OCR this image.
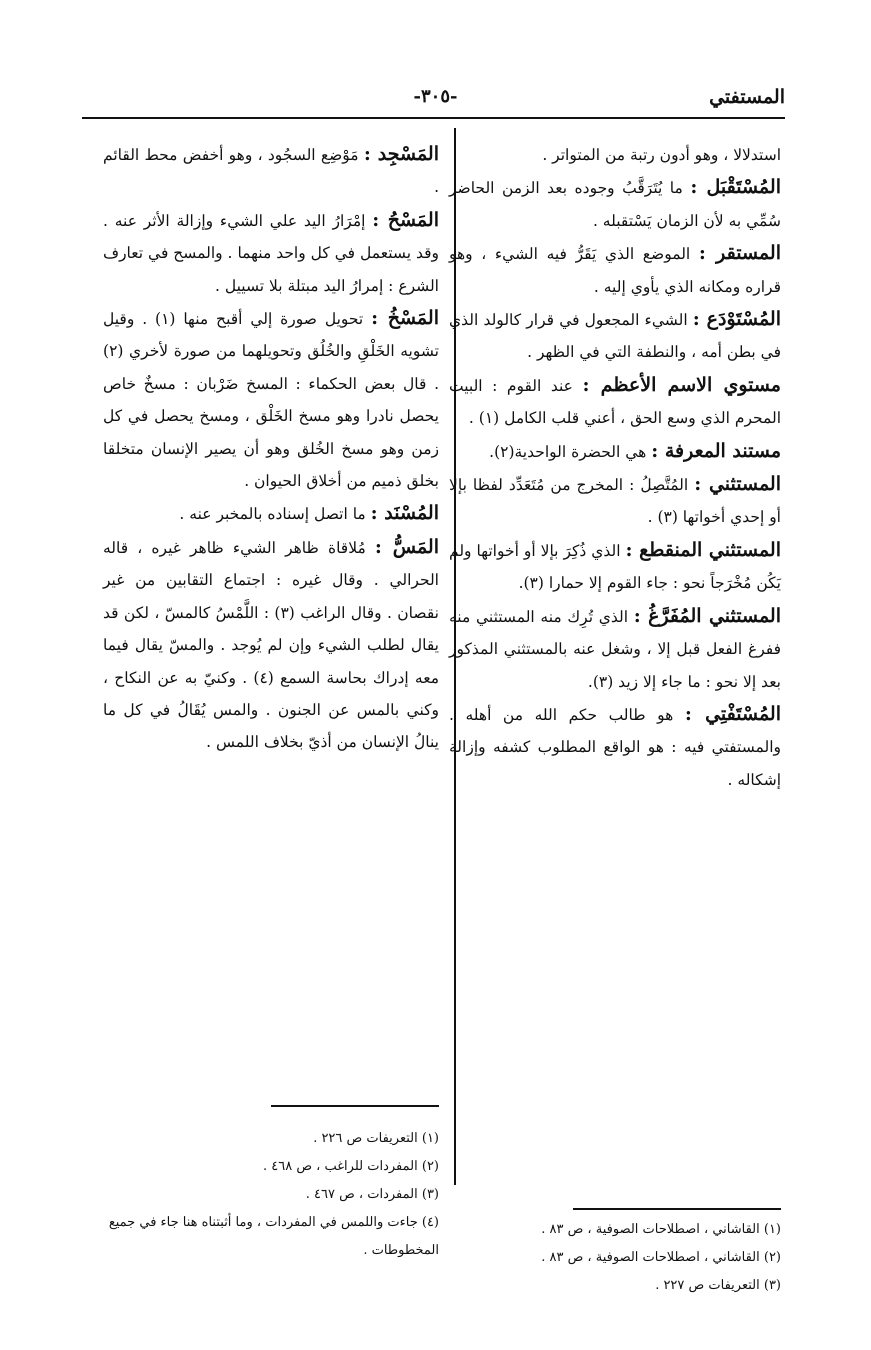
المستفتي
-٣٠٥-

استدلالا ، وهو أدون رتبة من المتواتر .

المُسْتَقْبَل : ما يُتَرَقَّبُ وجوده بعد الزمن الحاضر سُمِّي به لأن الزمان يَسْتقبله .

المستقر : الموضع الذي يَقَرُّ فيه الشيء ، وهو قراره ومكانه الذي يأوي إليه .

المُسْتَوْدَع : الشيء المجعول في قرار كالولد الذي في بطن أمه ، والنطفة التي في الظهر .

مستوي الاسم الأعظم : عند القوم : البيت المحرم الذي وسع الحق ، أعني قلب الكامل (١) .

مستند المعرفة : هي الحضرة الواحدية(٢).

المستثني : المُتَّصِلُ : المخرج من مُتَعَدِّد لفظا بإلا أو إحدي أخواتها (٣) .

المستثني المنقطع : الذي ذُكِرَ بإلا أو أخواتها ولم يَكُن مُخْرَجاً نحو : جاء القوم إلا حمارا (٣).

المستثني المُفَرَّغُ : الذي تُرِك منه المستثني منه ففرغ الفعل قبل إلا ، وشغل عنه بالمستثني المذكور بعد إلا نحو : ما جاء إلا زيد (٣).

المُسْتَفْتِي : هو طالب حكم الله من أهله . والمستفتي فيه : هو الواقع المطلوب كشفه وإزالة إشكاله .

المَسْجِد : مَوْضِع السجُود ، وهو أخفض محط القائم .

المَسْحُ : إمْرَارُ اليد علي الشيء وإزالة الأثر عنه . وقد يستعمل في كل واحد منهما . والمسح في تعارف الشرع : إمرارُ اليد مبتلة بلا تسييل .

المَسْخُ : تحويل صورة إلي أقبح منها (١) . وقيل تشويه الخَلْقِ والخُلُق وتحويلهما من صورة لأخري (٢) . قال بعض الحكماء : المسخ ضَرْبان : مسخٌ خاص يحصل نادرا وهو مسخ الخَلْق ، ومسخ يحصل في كل زمن وهو مسخ الخُلق وهو أن يصير الإنسان متخلقا بخلق ذميم من أخلاق الحيوان .

المُسْنَد : ما اتصل إسناده بالمخبر عنه .

المَسُّ : مُلاقاة ظاهر الشيء ظاهر غيره ، قاله الحرالي . وقال غيره : اجتماع التقابين من غير نقصان . وقال الراغب (٣) : اللَّمْسُ كالمسّ ، لكن قد يقال لطلب الشيء وإن لم يُوجد . والمسّ يقال فيما معه إدراك بحاسة السمع (٤) . وكنيّ به عن النكاح ، وكني بالمس عن الجنون . والمس يُقَالُ في كل ما ينالُ الإنسان من أذيّ بخلاف اللمس .

(١) التعريفات ص ٢٢٦ .

(٢) المفردات للراغب ، ص ٤٦٨ .

(٣) المفردات ، ص ٤٦٧ .

(٤) جاءت واللمس في المفردات ، وما أثبتناه هنا جاء في جميع المخطوطات .

(١) القاشاني ، اصطلاحات الصوفية ، ص ٨٣ .

(٢) القاشاني ، اصطلاحات الصوفية ، ص ٨٣ .

(٣) التعريفات ص ٢٢٧ .
